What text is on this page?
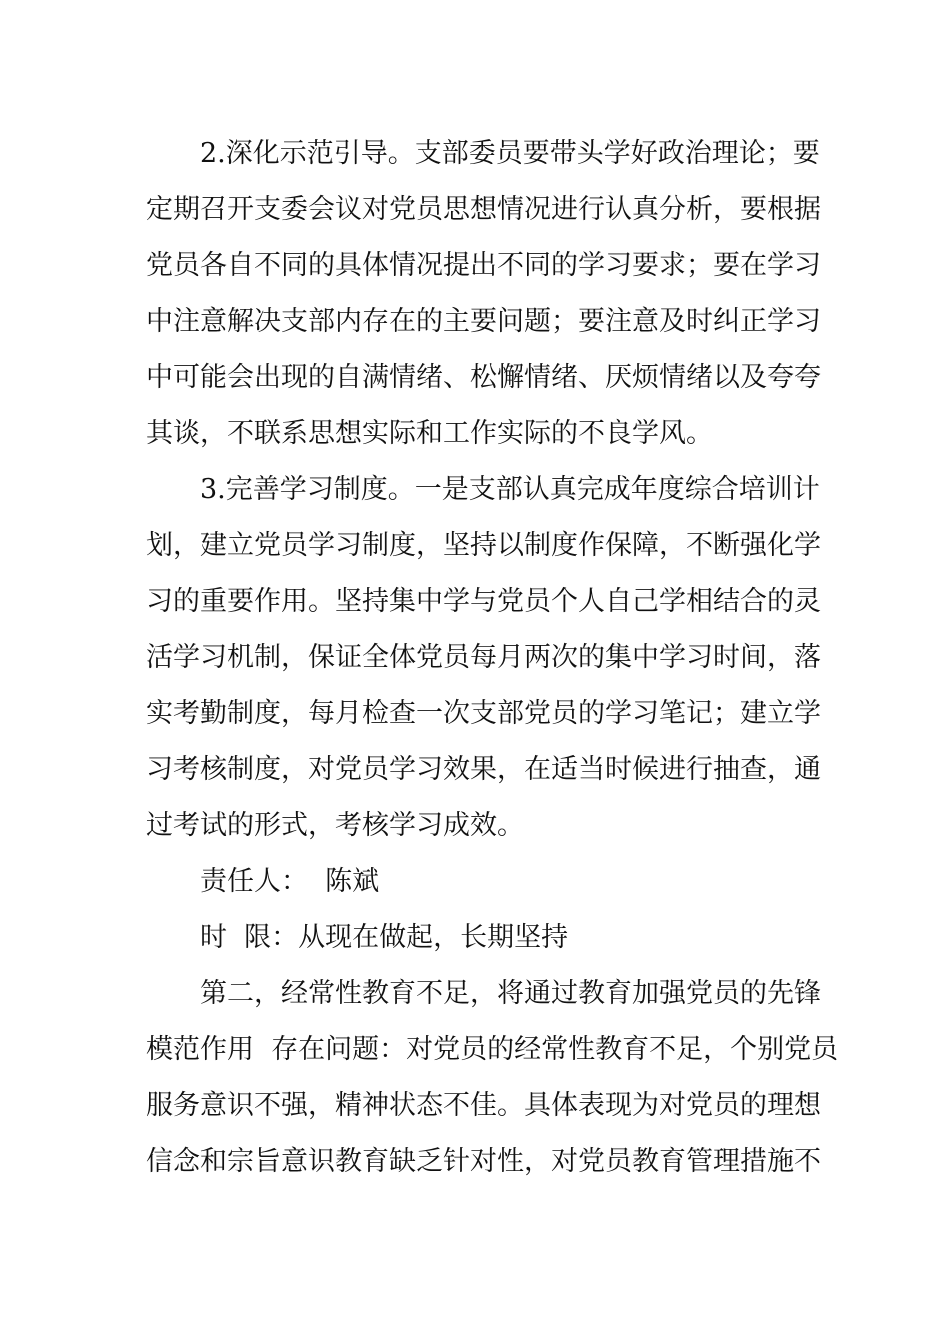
2.深化示范引导。支部委员要带头学好政治理论；要
定期召开支委会议对党员思想情况进行认真分析，要根据
党员各自不同的具体情况提出不同的学习要求；要在学习
中注意解决支部内存在的主要问题；要注意及时纠正学习
中可能会出现的自满情绪、松懈情绪、厌烦情绪以及夸夸
其谈，不联系思想实际和工作实际的不良学风。
3.完善学习制度。一是支部认真完成年度综合培训计
划，建立党员学习制度，坚持以制度作保障，不断强化学
习的重要作用。坚持集中学与党员个人自己学相结合的灵
活学习机制，保证全体党员每月两次的集中学习时间，落
实考勤制度，每月检查一次支部党员的学习笔记；建立学
习考核制度，对党员学习效果，在适当时候进行抽查，通
过考试的形式，考核学习成效。
责任人：  陈斌
时  限：从现在做起，长期坚持
第二，经常性教育不足，将通过教育加强党员的先锋
模范作用  存在问题：对党员的经常性教育不足，个别党员
服务意识不强，精神状态不佳。具体表现为对党员的理想
信念和宗旨意识教育缺乏针对性，对党员教育管理措施不
